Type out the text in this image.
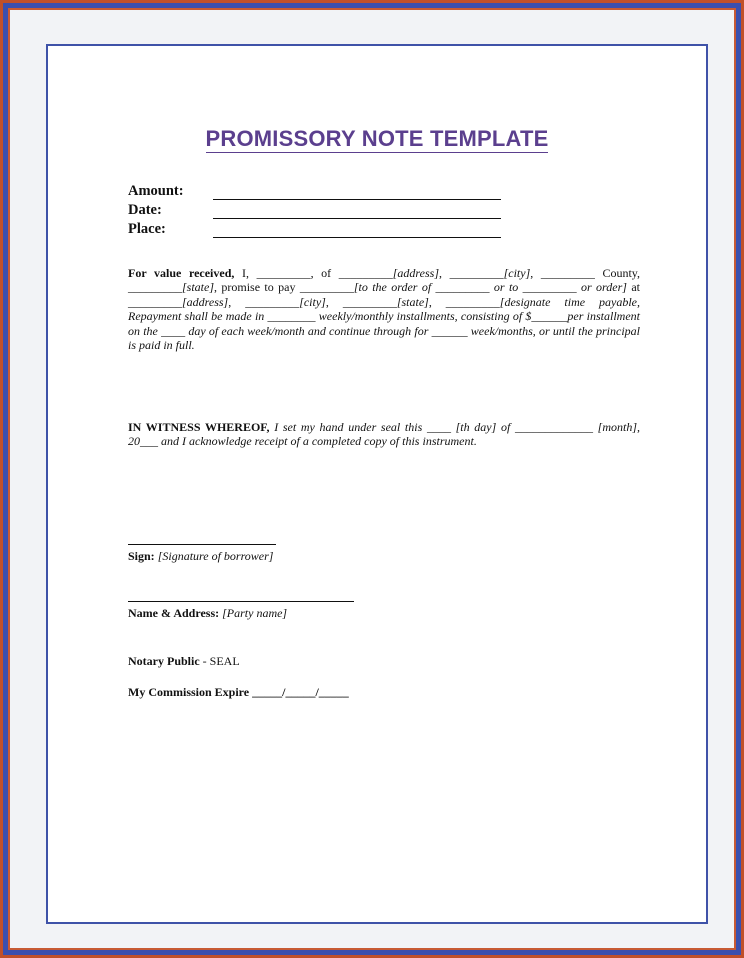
PROMISSORY NOTE TEMPLATE
Amount:
Date:
Place:
For value received, I, _________, of _________[address], _________[city], _________ County, _________[state], promise to pay _________[to the order of _________ or to _________ or order] at _________[address], _________[city], _________[state], _________[designate time payable, Repayment shall be made in ________ weekly/monthly installments, consisting of $______per installment on the ____ day of each week/month and continue through for ______ week/months, or until the principal is paid in full.
IN WITNESS WHEREOF, I set my hand under seal this ____ [th day] of _____________ [month], 20___ and I acknowledge receipt of a completed copy of this instrument.
Sign: [Signature of borrower]
Name & Address: [Party name]
Notary Public - SEAL
My Commission Expire _____/_____/_____
